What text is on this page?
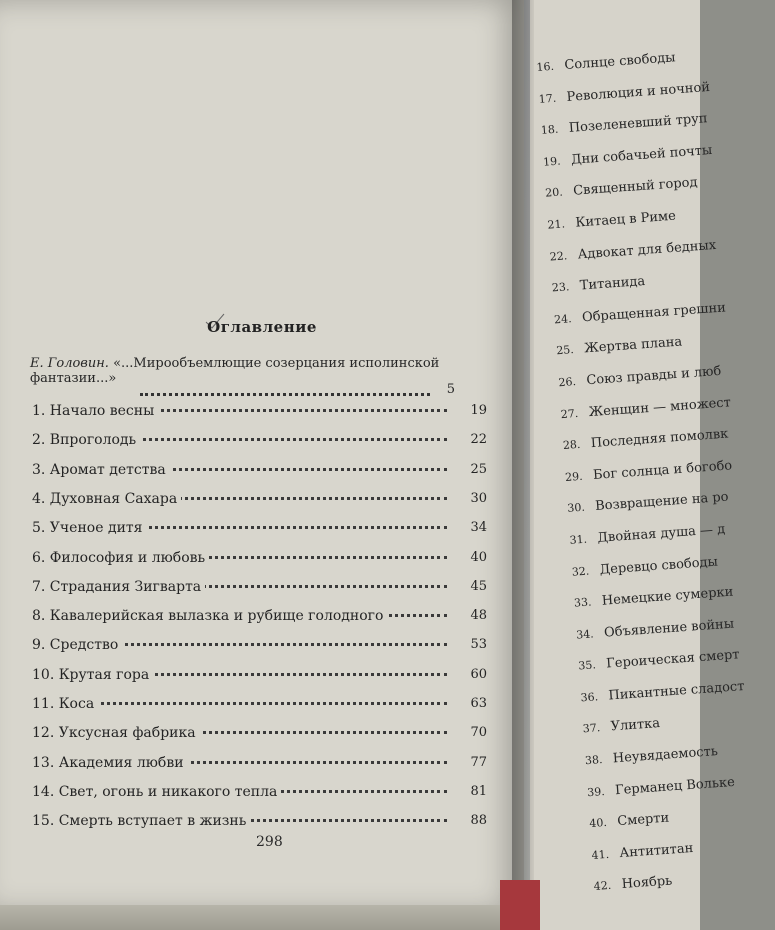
Оглавление
Е. Головин. «...Мирообъемлющие созерцания исполинской
фантазии...»
5
1. Начало весны	19
2. Впроголодь	22
3. Аромат детства	25
4. Духовная Сахара	30
5. Ученое дитя	34
6. Философия и любовь	40
7. Страдания Зигварта	45
8. Кавалерийская вылазка и рубище голодного	48
9. Средство	53
10. Крутая гора	60
11. Коса	63
12. Уксусная фабрика	70
13. Академия любви	77
14. Свет, огонь и никакого тепла	81
15. Смерть вступает в жизнь	88
298
16. Солнце свободы
17. Революция и ночной
18. Позеленевший труп
19. Дни собачьей почты
20. Священный город
21. Китаец в Риме
22. Адвокат для бедных
23. Титанида
24. Обращенная грешни
25. Жертва плана
26. Союз правды и люб
27. Женщин — множест
28. Последняя помолвк
29. Бог солнца и богобо
30. Возвращение на ро
31. Двойная душа — д
32. Деревцо свободы
33. Немецкие сумерки
34. Объявление войны
35. Героическая смерт
36. Пикантные сладост
37. Улитка
38. Неувядаемость
39. Германец Вольке
40. Смерти
41. Антититан
42. Ноябрь
